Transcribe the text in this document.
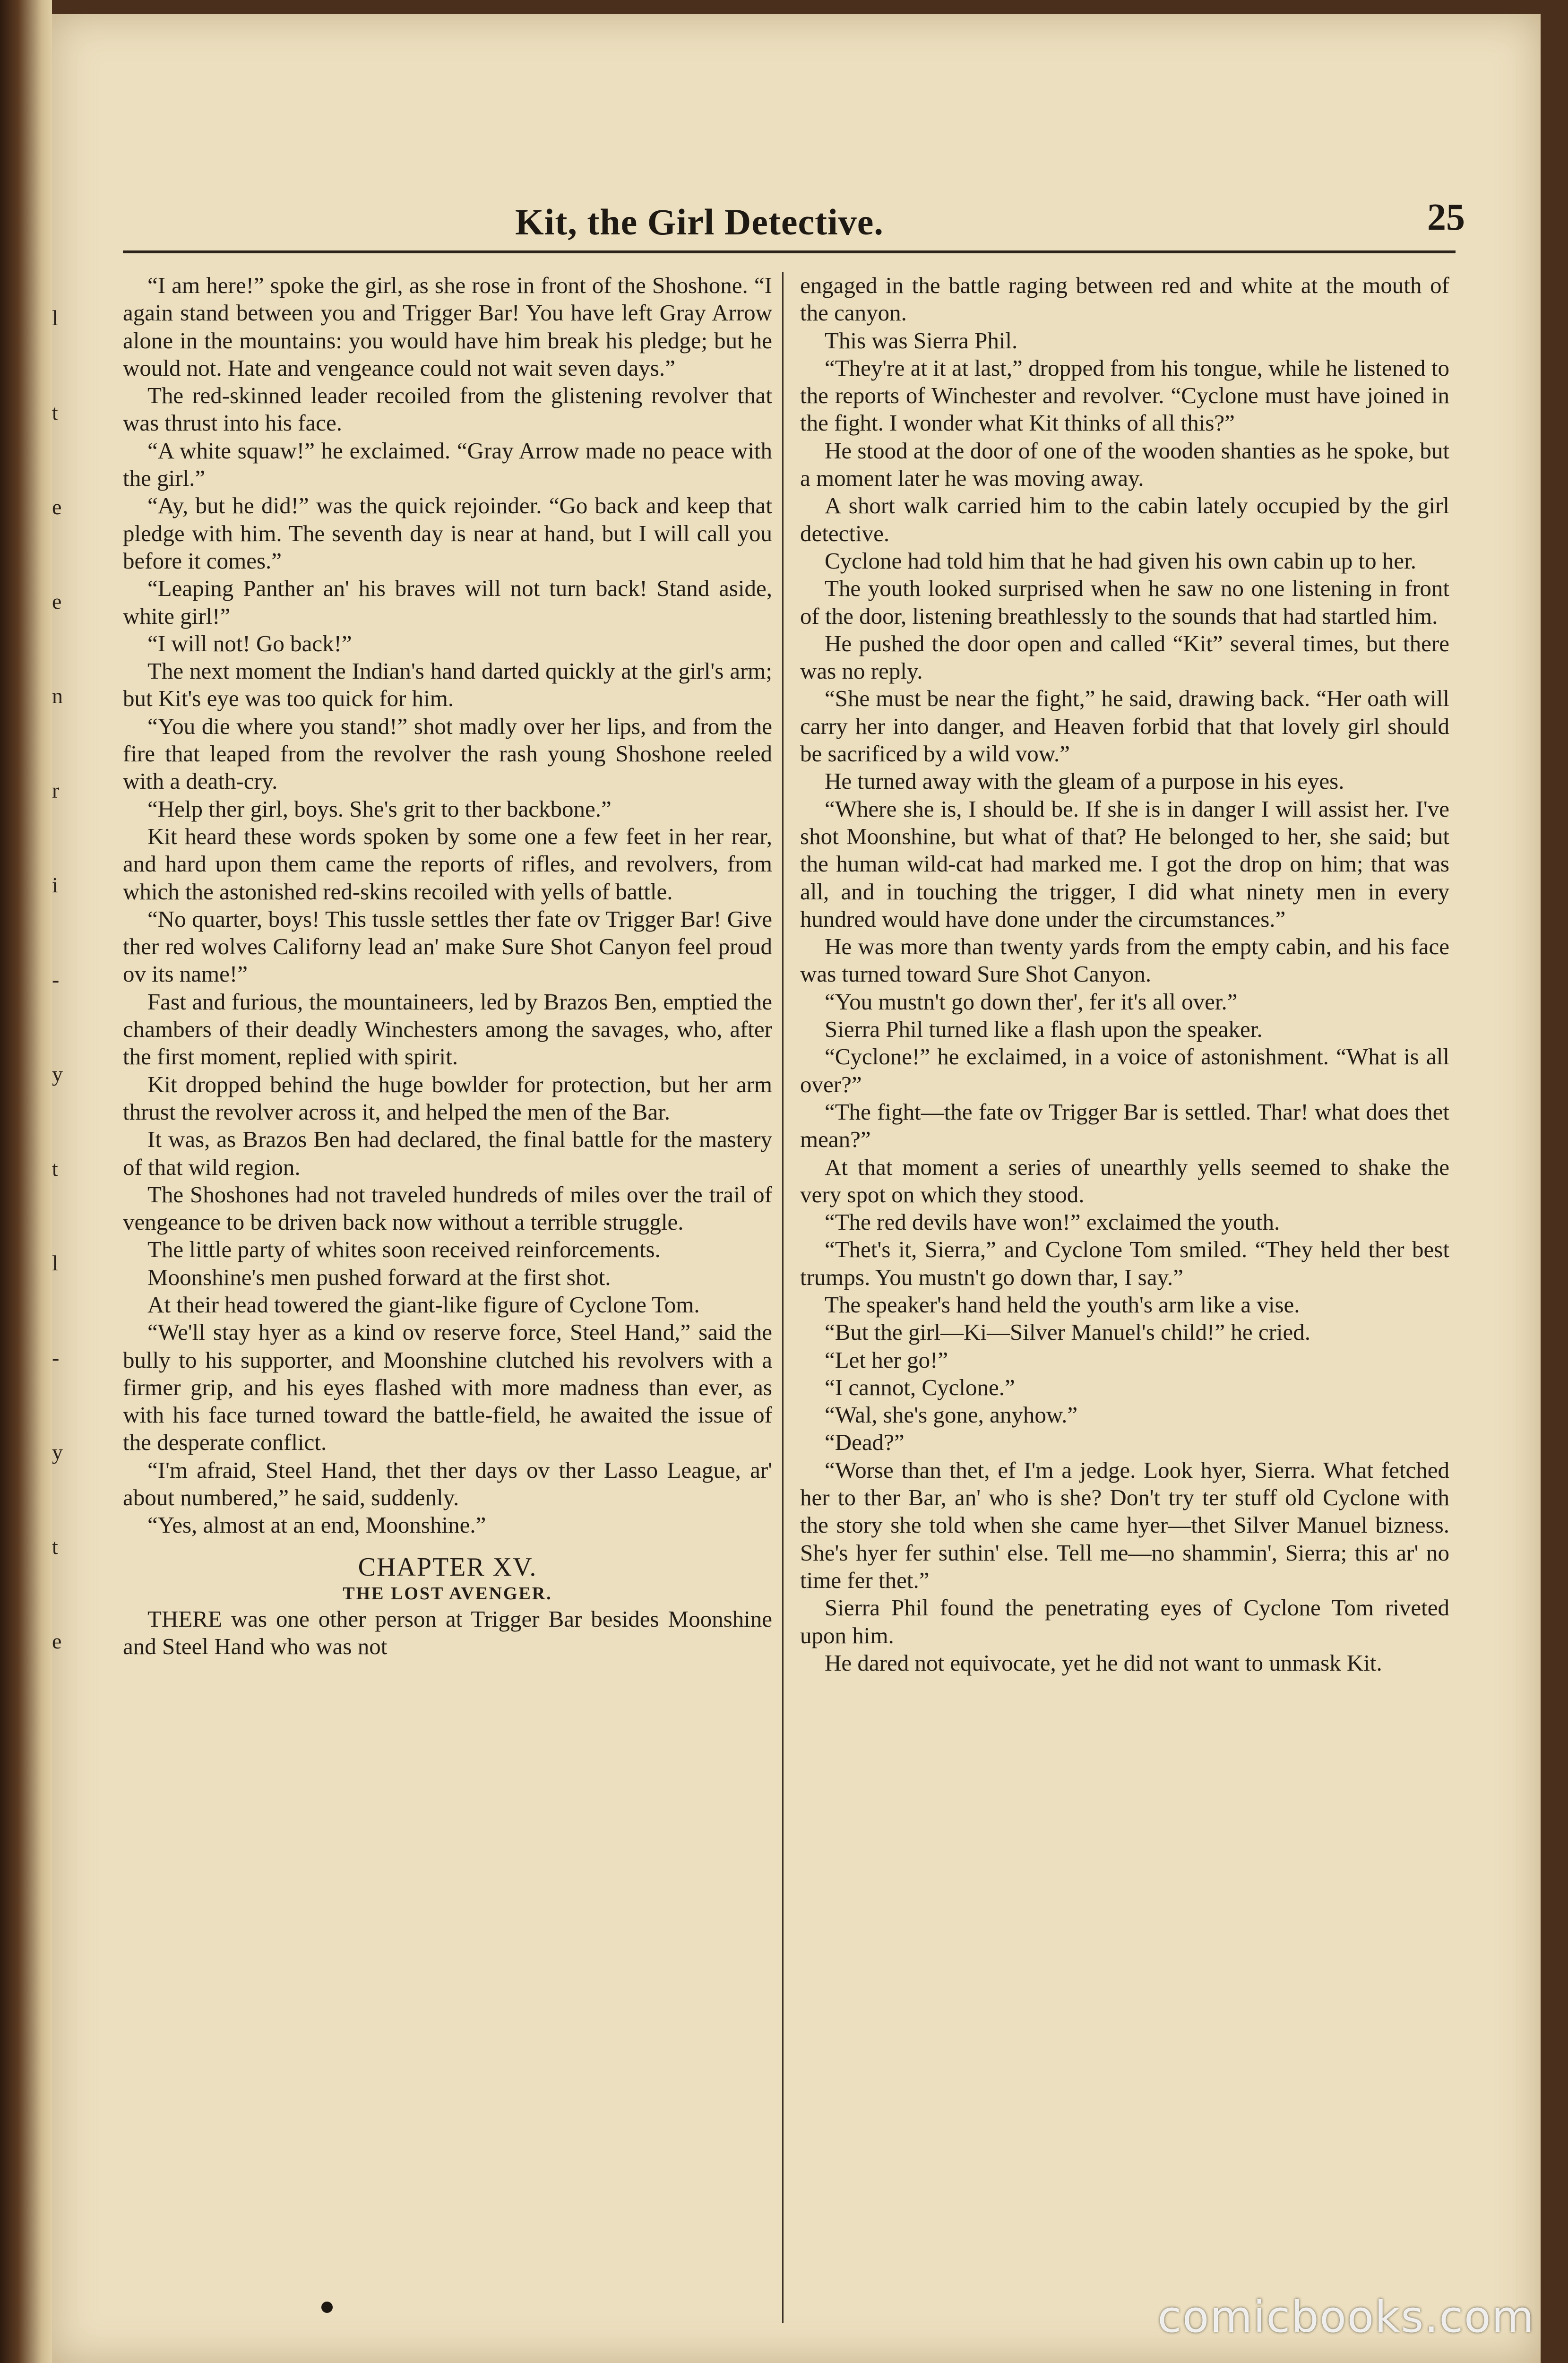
l
t
e
e
n
r
i
-
y
t
l
-
y
t
e
Kit, the Girl Detective.	25

“I am here!” spoke the girl, as she rose in front of the Shoshone. “I again stand between you and Trigger Bar! You have left Gray Arrow alone in the mountains: you would have him break his pledge; but he would not. Hate and vengeance could not wait seven days.”

The red-skinned leader recoiled from the glistening revolver that was thrust into his face.

“A white squaw!” he exclaimed. “Gray Arrow made no peace with the girl.”

“Ay, but he did!” was the quick rejoinder. “Go back and keep that pledge with him. The seventh day is near at hand, but I will call you before it comes.”

“Leaping Panther an' his braves will not turn back! Stand aside, white girl!”

“I will not! Go back!”

The next moment the Indian's hand darted quickly at the girl's arm; but Kit's eye was too quick for him.

“You die where you stand!” shot madly over her lips, and from the fire that leaped from the revolver the rash young Shoshone reeled with a death-cry.

“Help ther girl, boys. She's grit to ther backbone.”

Kit heard these words spoken by some one a few feet in her rear, and hard upon them came the reports of rifles, and revolvers, from which the astonished red-skins recoiled with yells of battle.

“No quarter, boys! This tussle settles ther fate ov Trigger Bar! Give ther red wolves Californy lead an' make Sure Shot Canyon feel proud ov its name!”

Fast and furious, the mountaineers, led by Brazos Ben, emptied the chambers of their deadly Winchesters among the savages, who, after the first moment, replied with spirit.

Kit dropped behind the huge bowlder for protection, but her arm thrust the revolver across it, and helped the men of the Bar.

It was, as Brazos Ben had declared, the final battle for the mastery of that wild region.

The Shoshones had not traveled hundreds of miles over the trail of vengeance to be driven back now without a terrible struggle.

The little party of whites soon received reinforcements.

Moonshine's men pushed forward at the first shot.

At their head towered the giant-like figure of Cyclone Tom.

“We'll stay hyer as a kind ov reserve force, Steel Hand,” said the bully to his supporter, and Moonshine clutched his revolvers with a firmer grip, and his eyes flashed with more madness than ever, as with his face turned toward the battle-field, he awaited the issue of the desperate conflict.

“I'm afraid, Steel Hand, thet ther days ov ther Lasso League, ar' about numbered,” he said, suddenly.

“Yes, almost at an end, Moonshine.”

CHAPTER XV.
THE LOST AVENGER.

THERE was one other person at Trigger Bar besides Moonshine and Steel Hand who was not

engaged in the battle raging between red and white at the mouth of the canyon.

This was Sierra Phil.

“They're at it at last,” dropped from his tongue, while he listened to the reports of Winchester and revolver. “Cyclone must have joined in the fight. I wonder what Kit thinks of all this?”

He stood at the door of one of the wooden shanties as he spoke, but a moment later he was moving away.

A short walk carried him to the cabin lately occupied by the girl detective.

Cyclone had told him that he had given his own cabin up to her.

The youth looked surprised when he saw no one listening in front of the door, listening breathlessly to the sounds that had startled him.

He pushed the door open and called “Kit” several times, but there was no reply.

“She must be near the fight,” he said, drawing back. “Her oath will carry her into danger, and Heaven forbid that that lovely girl should be sacrificed by a wild vow.”

He turned away with the gleam of a purpose in his eyes.

“Where she is, I should be. If she is in danger I will assist her. I've shot Moonshine, but what of that? He belonged to her, she said; but the human wild-cat had marked me. I got the drop on him; that was all, and in touching the trigger, I did what ninety men in every hundred would have done under the circumstances.”

He was more than twenty yards from the empty cabin, and his face was turned toward Sure Shot Canyon.

“You mustn't go down ther', fer it's all over.”

Sierra Phil turned like a flash upon the speaker.

“Cyclone!” he exclaimed, in a voice of astonishment. “What is all over?”

“The fight—the fate ov Trigger Bar is settled. Thar! what does thet mean?”

At that moment a series of unearthly yells seemed to shake the very spot on which they stood.

“The red devils have won!” exclaimed the youth.

“Thet's it, Sierra,” and Cyclone Tom smiled. “They held ther best trumps. You mustn't go down thar, I say.”

The speaker's hand held the youth's arm like a vise.

“But the girl—Ki—Silver Manuel's child!” he cried.

“Let her go!”

“I cannot, Cyclone.”

“Wal, she's gone, anyhow.”

“Dead?”

“Worse than thet, ef I'm a jedge. Look hyer, Sierra. What fetched her to ther Bar, an' who is she? Don't try ter stuff old Cyclone with the story she told when she came hyer—thet Silver Manuel bizness. She's hyer fer suthin' else. Tell me—no shammin', Sierra; this ar' no time fer thet.”

Sierra Phil found the penetrating eyes of Cyclone Tom riveted upon him.

He dared not equivocate, yet he did not want to unmask Kit.

comicbooks.com
